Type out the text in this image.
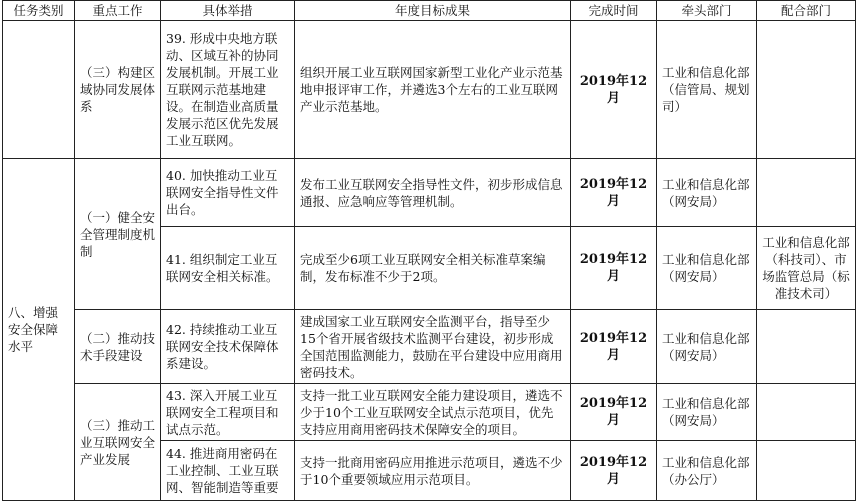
任务类别	重点工作	具体举措	年度目标成果	完成时间	牵头部门	配合部门
	（三）构建区域协同发展体系	39. 形成中央地方联动、区域互补的协同发展机制。开展工业互联网示范基地建设。在制造业高质量发展示范区优先发展工业互联网。	组织开展工业互联网国家新型工业化产业示范基地申报评审工作，并遴选3个左右的工业互联网产业示范基地。	2019年12月	工业和信息化部（信管局、规划司）	
八、增强安全保障水平	（一）健全安全管理制度机制	40. 加快推动工业互联网安全指导性文件出台。	发布工业互联网安全指导性文件，初步形成信息通报、应急响应等管理机制。	2019年12月	工业和信息化部（网安局）	
		41. 组织制定工业互联网安全相关标准。	完成至少6项工业互联网安全相关标准草案编制，发布标准不少于2项。	2019年12月	工业和信息化部（网安局）	工业和信息化部（科技司）、市场监管总局（标准技术司）
	（二）推动技术手段建设	42. 持续推动工业互联网安全技术保障体系建设。	建成国家工业互联网安全监测平台，指导至少15个省开展省级技术监测平台建设，初步形成全国范围监测能力，鼓励在平台建设中应用商用密码技术。	2019年12月	工业和信息化部（网安局）	
	（三）推动工业互联网安全产业发展	43. 深入开展工业互联网安全工程项目和试点示范。	支持一批工业互联网安全能力建设项目，遴选不少于10个工业互联网安全试点示范项目，优先支持应用商用密码技术保障安全的项目。	2019年12月	工业和信息化部（网安局）	

		44. 推进商用密码在工业控制、工业互联网、智能制造等重要	支持一批商用密码应用推进示范项目，遴选不少于10个重要领域应用示范项目。	2019年12月	工业和信息化部（办公厅）	
